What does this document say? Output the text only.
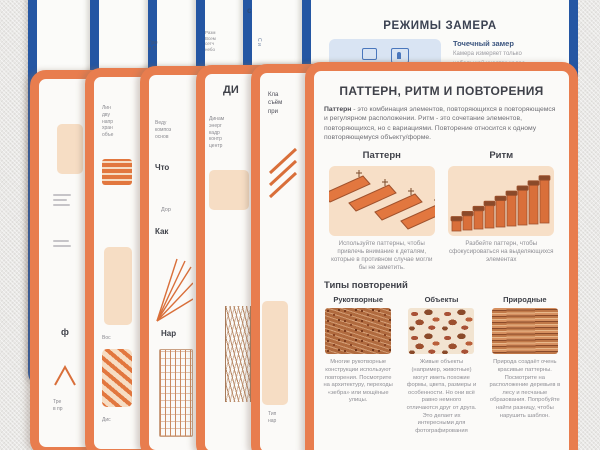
Тре
и П
Разм
Всем
сетч
небо
С и
с
РЕЖИМЫ ЗАМЕРА
Точечный замер
Камера измеряет только
ф
Тре
в пр
Лин
дву
напр
хран
объе
Вос
Дис
Веду
композ
основ
Что
Дор
Как
Нар
ДИ
Динам
энерг
кадр
контр
центр
Кла
съём
при
Тип
нар
ПАТТЕРН, РИТМ И ПОВТОРЕНИЯ
Паттерн - это комбинация элементов, повторяющихся в повторяющемся и регулярном расположении. Ритм - это сочетание элементов, повторяющихся, но с вариациями. Повторение относится к одному повторяющемуся объекту/форме.
Паттерн
Используйте паттерны, чтобы привлечь внимание к деталям, которые в противном случае могли бы не заметить.
Ритм
Разбейте паттерн, чтобы сфокусироваться на выделяющихся элементах
Типы повторений
Рукотворные
Многие рукотворные конструкции используют повторения. Посмотрите на архитектуру, переходы «зебра» или мощёные улицы.
Объекты
Живые объекты (например, животные) могут иметь похожие формы, цвета, размеры и особенности. Но они всё равно немного отличаются друг от друга. Это делает их интересными для фотографирования
Природные
Природа создаёт очень красивые паттерны. Посмотрите на расположение деревьев в лесу и песчаные образования. Попробуйте найти разницу, чтобы нарушить шаблон.
